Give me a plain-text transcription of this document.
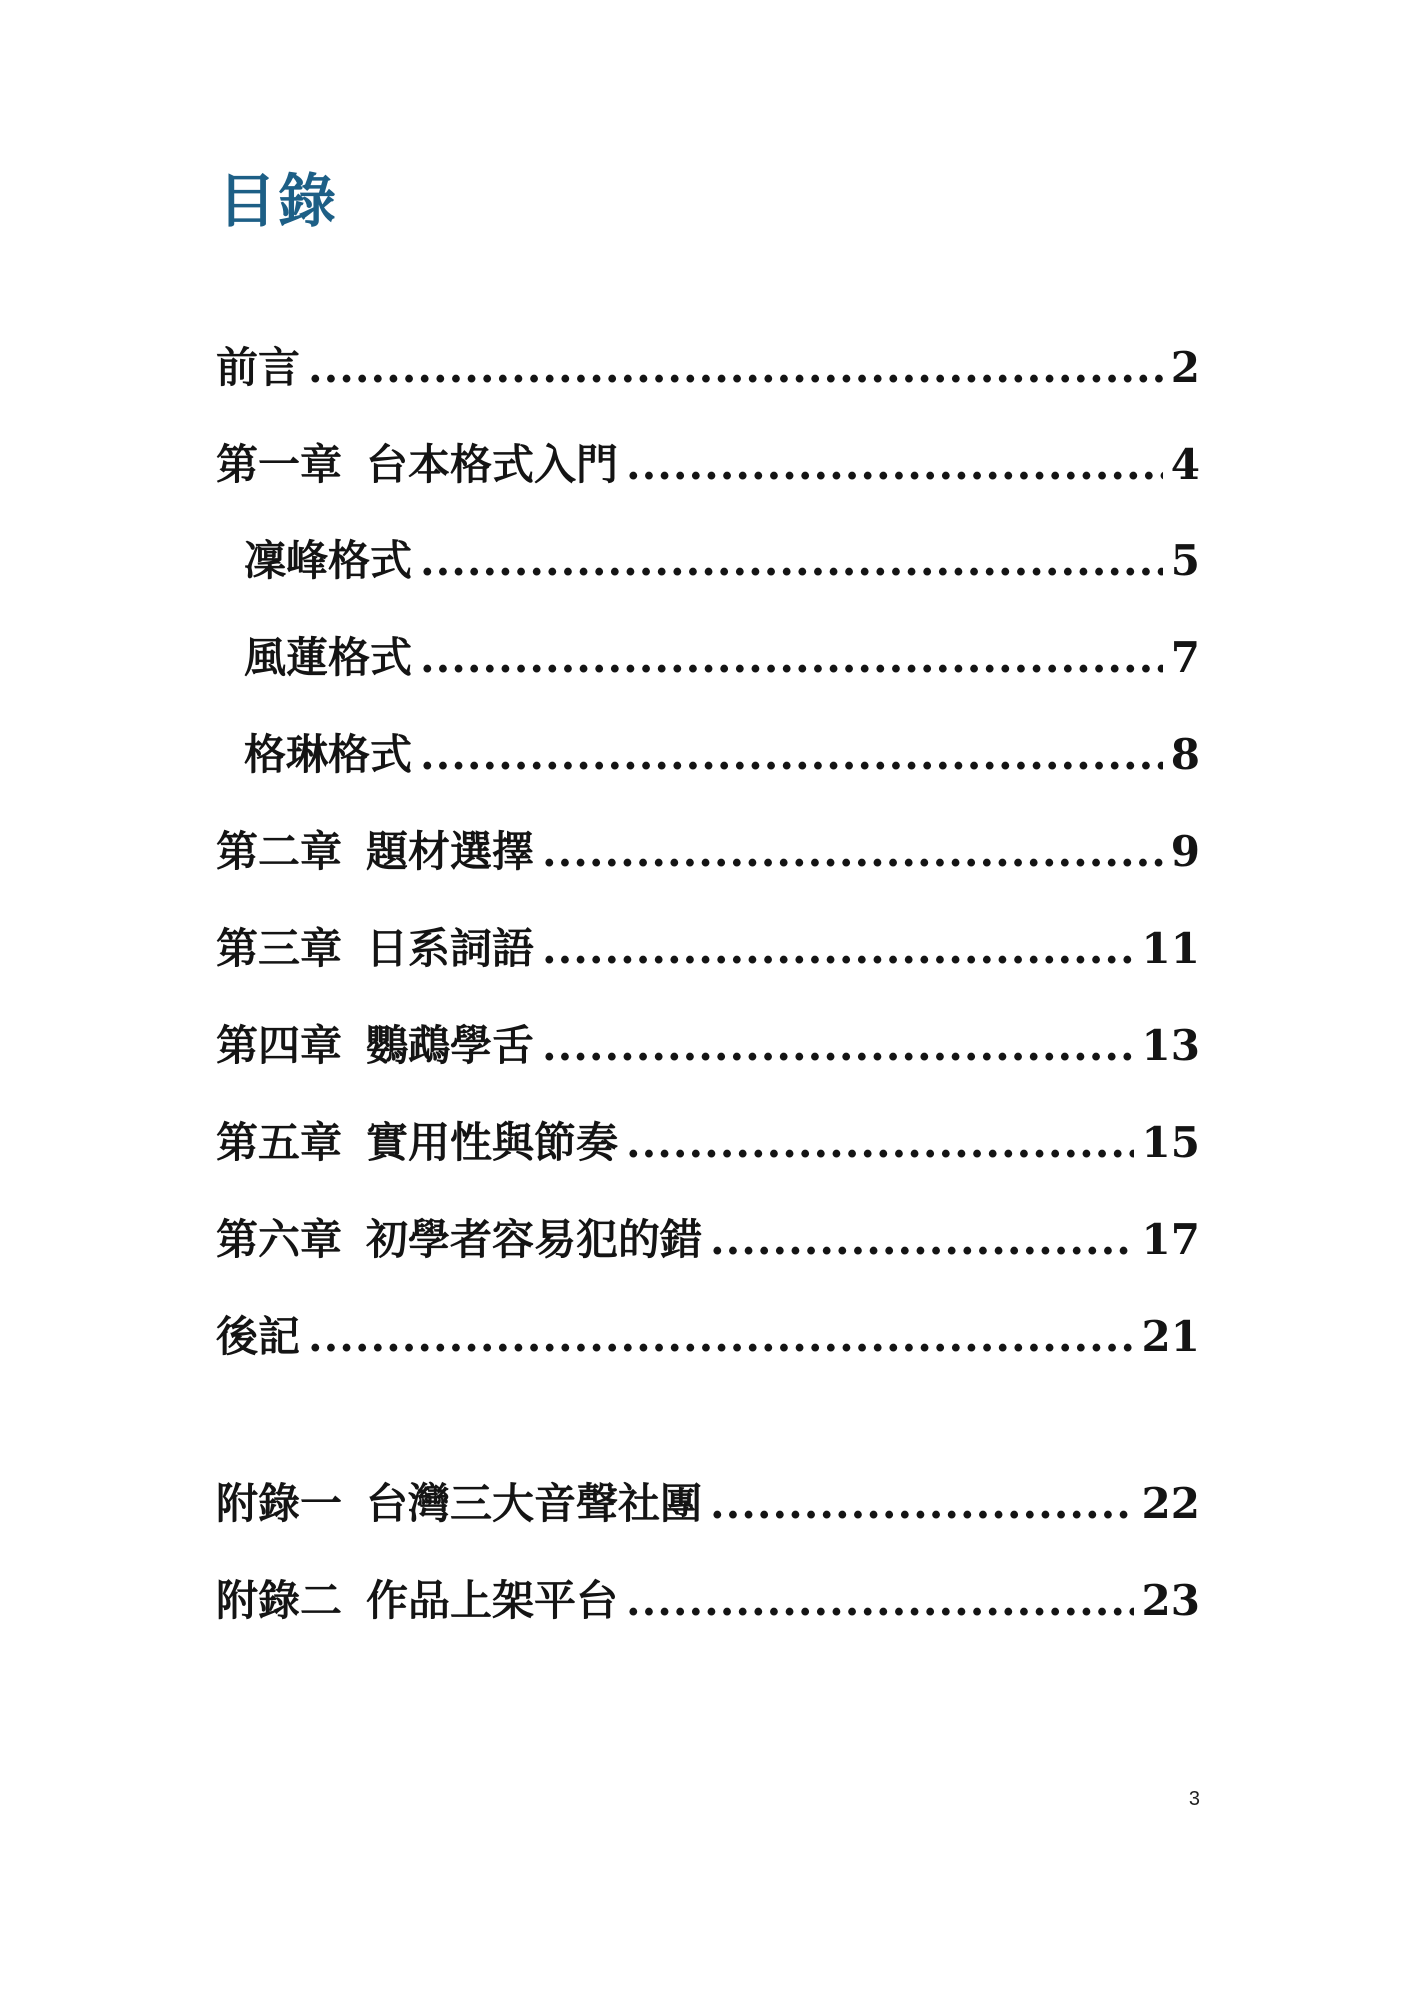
目錄
前言 .....	2
第一章 台本格式入門 .....	4
凜峰格式 .....	5
風蓮格式 .....	7
格琳格式 .....	8
第二章 題材選擇 .....	9
第三章 日系詞語 .....	11
第四章 鸚鵡學舌 .....	13
第五章 實用性與節奏 .....	15
第六章 初學者容易犯的錯 .....	17
後記 .....	21
附錄一 台灣三大音聲社團 .....	22
附錄二 作品上架平台 .....	23
3
